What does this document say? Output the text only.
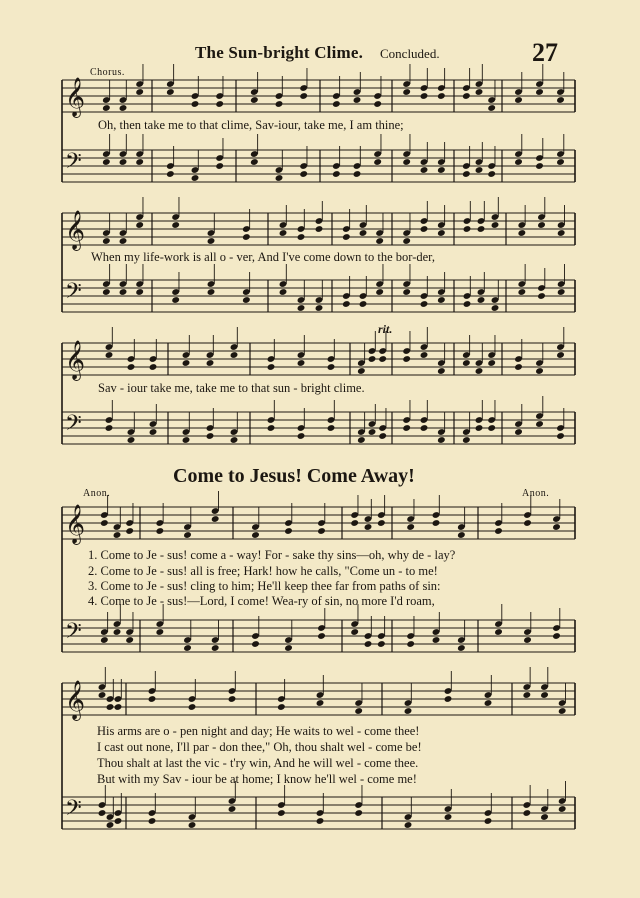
The Sun-bright Clime. Concluded.	27
Chorus.
rit.
𝄞
𝄢
𝄞
𝄢
𝄞
𝄢
𝄞
𝄢
𝄞
𝄢
Oh, then take me to that clime, Sav-iour, take me, I am thine;
When my life-work is all o - ver, And I've come down to the bor-der,
Sav - iour take me, take me to that sun - bright clime.
Come to Jesus! Come Away!
Anon.	Anon.
1. Come to Je - sus! come a - way! For - sake thy sins—oh, why de - lay?
2. Come to Je - sus! all is free; Hark! how he calls, "Come un - to me!
3. Come to Je - sus! cling to him; He'll keep thee far from paths of sin:
4. Come to Je - sus!—Lord, I come! Wea-ry of sin, no more I'd roam,
His arms are o - pen night and day; He waits to wel - come thee!
I cast out none, I'll par - don thee," Oh, thou shalt wel - come be!
Thou shalt at last the vic - t'ry win, And he will wel - come thee.
But with my Sav - iour be at home; I know he'll wel - come me!
